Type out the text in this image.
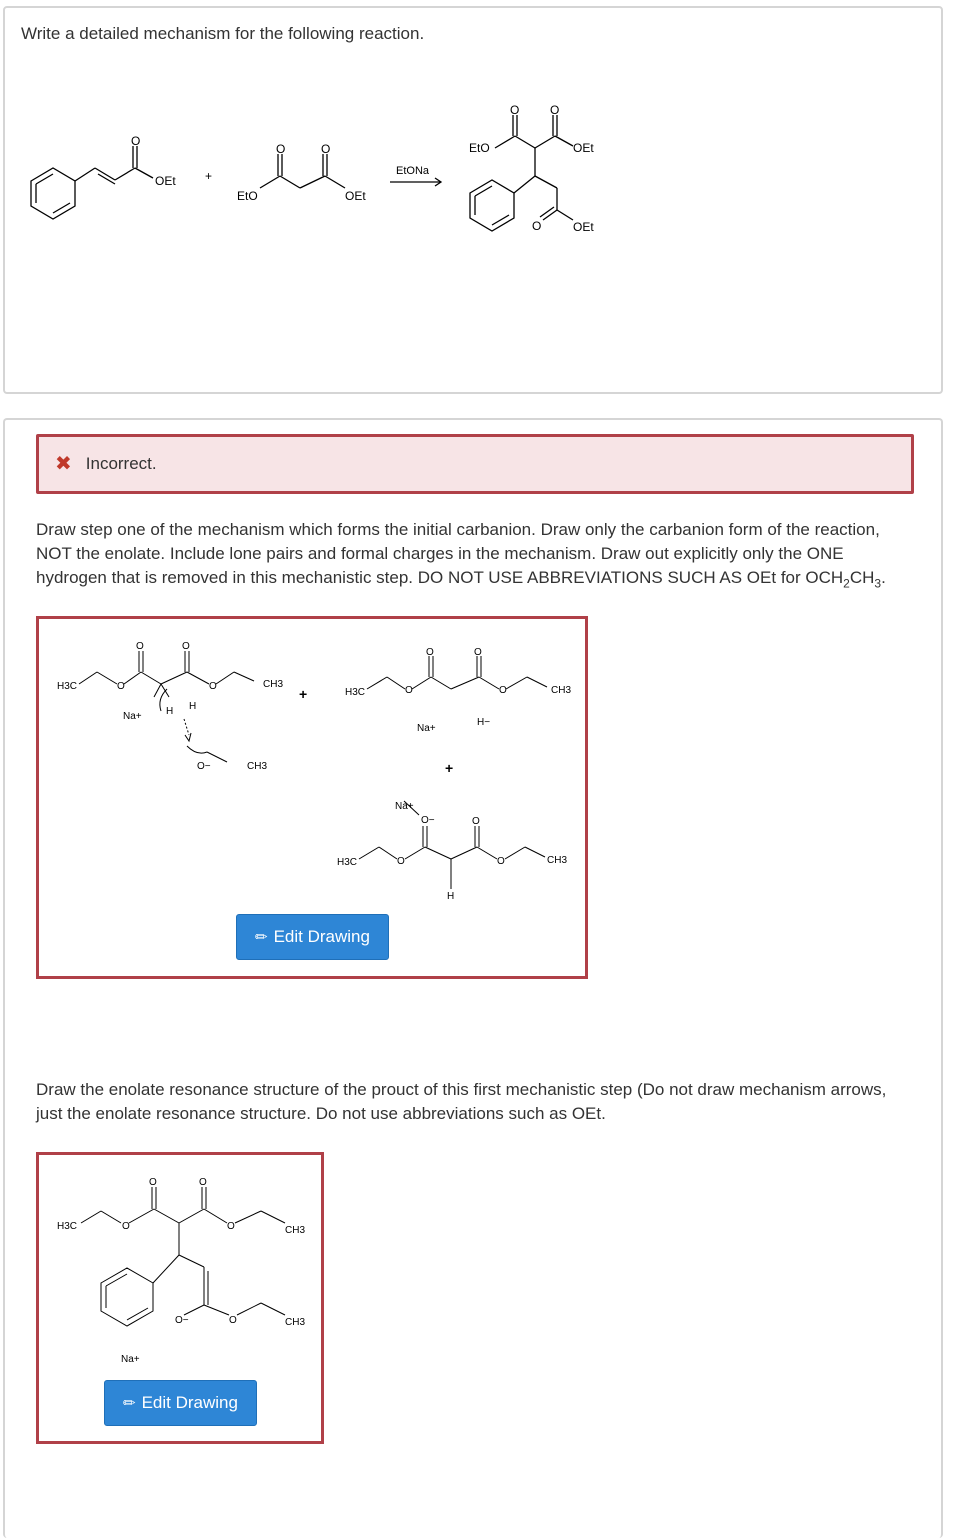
Write a detailed mechanism for the following reaction.
OEt
O
+
EtO	OEt
O	O
EtONa
EtO	OEt
OEt
O	O
O
✖ Incorrect.
Draw step one of the mechanism which forms the initial carbanion. Draw only the carbanion form of the reaction, NOT the enolate. Include lone pairs and formal charges in the mechanism. Draw out explicitly only the ONE hydrogen that is removed in this mechanistic step. DO NOT USE ABBREVIATIONS SUCH AS OEt for $OCH_2CH_3$.
H3C	O	O
O	O
CH3
H
H
Na+
O−	CH3
+	H3C	O	O
O	O
CH3
Na+
H−
+
Na+
O−	O
O	O
H3C	CH3
H
✏ Edit Drawing
Draw the enolate resonance structure of the prouct of this first mechanistic step (Do not draw mechanism arrows, just the enolate resonance structure. Do not use abbreviations such as OEt.
H3C	O	O
O	O
CH3
O−	O	CH3
Na+
✏ Edit Drawing
